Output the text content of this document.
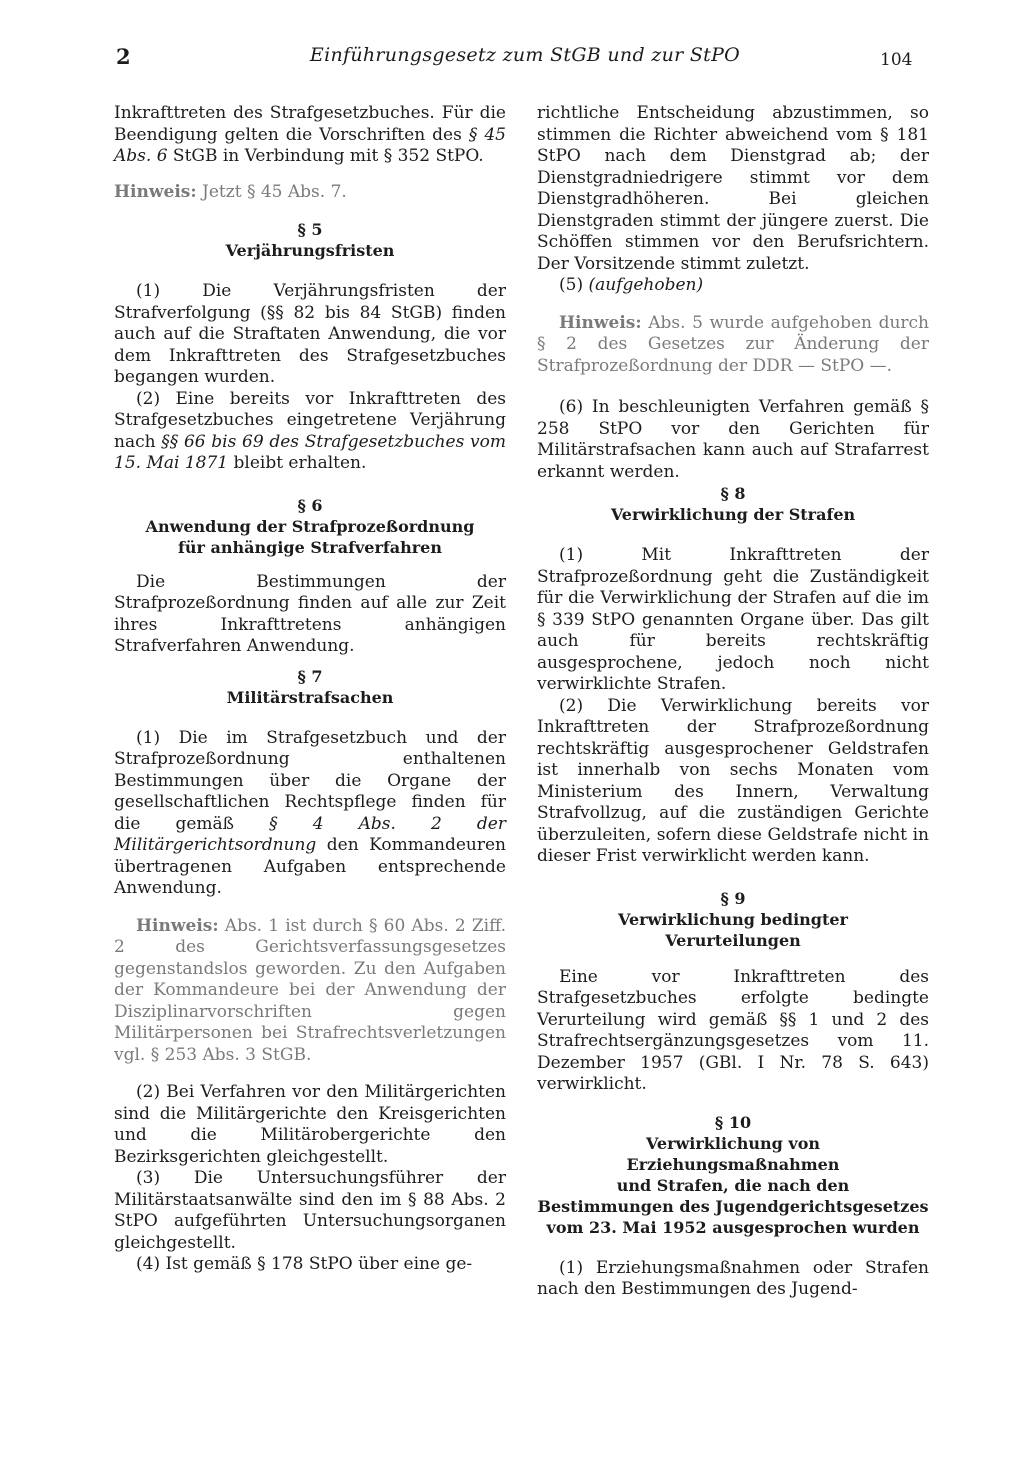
2	Einführungsgesetz zum StGB und zur StPO	104

Inkrafttreten des Strafgesetzbuches. Für die Beendigung gelten die Vorschriften des § 45 Abs. 6 StGB in Verbindung mit § 352 StPO.

Hinweis: Jetzt § 45 Abs. 7.

§ 5
Verjährungsfristen

(1) Die Verjährungsfristen der Strafverfolgung (§§ 82 bis 84 StGB) finden auch auf die Straftaten Anwendung, die vor dem Inkrafttreten des Strafgesetzbuches begangen wurden.

(2) Eine bereits vor Inkrafttreten des Strafgesetzbuches eingetretene Verjährung nach §§ 66 bis 69 des Strafgesetzbuches vom 15. Mai 1871 bleibt erhalten.

§ 6
Anwendung der Strafprozeßordnung
für anhängige Strafverfahren

Die Bestimmungen der Strafprozeßordnung finden auf alle zur Zeit ihres Inkrafttretens anhängigen Strafverfahren Anwendung.

§ 7
Militärstrafsachen

(1) Die im Strafgesetzbuch und der Strafprozeßordnung enthaltenen Bestimmungen über die Organe der gesellschaftlichen Rechtspflege finden für die gemäß § 4 Abs. 2 der Militärgerichtsordnung den Kommandeuren übertragenen Aufgaben entsprechende Anwendung.

Hinweis: Abs. 1 ist durch § 60 Abs. 2 Ziff. 2 des Gerichtsverfassungsgesetzes gegenstandslos geworden. Zu den Aufgaben der Kommandeure bei der Anwendung der Disziplinarvorschriften gegen Militärpersonen bei Strafrechtsverletzungen vgl. § 253 Abs. 3 StGB.

(2) Bei Verfahren vor den Militärgerichten sind die Militärgerichte den Kreisgerichten und die Militärobergerichte den Bezirksgerichten gleichgestellt.

(3) Die Untersuchungsführer der Militärstaatsanwälte sind den im § 88 Abs. 2 StPO aufgeführten Untersuchungsorganen gleichgestellt.

(4) Ist gemäß § 178 StPO über eine ge-

richtliche Entscheidung abzustimmen, so stimmen die Richter abweichend vom § 181 StPO nach dem Dienstgrad ab; der Dienstgradniedrigere stimmt vor dem Dienstgradhöheren. Bei gleichen Dienstgraden stimmt der jüngere zuerst. Die Schöffen stimmen vor den Berufsrichtern. Der Vorsitzende stimmt zuletzt.

(5) (aufgehoben)

Hinweis: Abs. 5 wurde aufgehoben durch § 2 des Gesetzes zur Änderung der Strafprozeßordnung der DDR — StPO —.

(6) In beschleunigten Verfahren gemäß § 258 StPO vor den Gerichten für Militärstrafsachen kann auch auf Strafarrest erkannt werden.

§ 8
Verwirklichung der Strafen

(1) Mit Inkrafttreten der Strafprozeßordnung geht die Zuständigkeit für die Verwirklichung der Strafen auf die im § 339 StPO genannten Organe über. Das gilt auch für bereits rechtskräftig ausgesprochene, jedoch noch nicht verwirklichte Strafen.

(2) Die Verwirklichung bereits vor Inkrafttreten der Strafprozeßordnung rechtskräftig ausgesprochener Geldstrafen ist innerhalb von sechs Monaten vom Ministerium des Innern, Verwaltung Strafvollzug, auf die zuständigen Gerichte überzuleiten, sofern diese Geldstrafe nicht in dieser Frist verwirklicht werden kann.

§ 9
Verwirklichung bedingter
Verurteilungen

Eine vor Inkrafttreten des Strafgesetzbuches erfolgte bedingte Verurteilung wird gemäß §§ 1 und 2 des Strafrechtsergänzungsgesetzes vom 11. Dezember 1957 (GBl. I Nr. 78 S. 643) verwirklicht.

§ 10
Verwirklichung von Erziehungsmaßnahmen
und Strafen, die nach den
Bestimmungen des Jugendgerichtsgesetzes
vom 23. Mai 1952 ausgesprochen wurden

(1) Erziehungsmaßnahmen oder Strafen nach den Bestimmungen des Jugend-
